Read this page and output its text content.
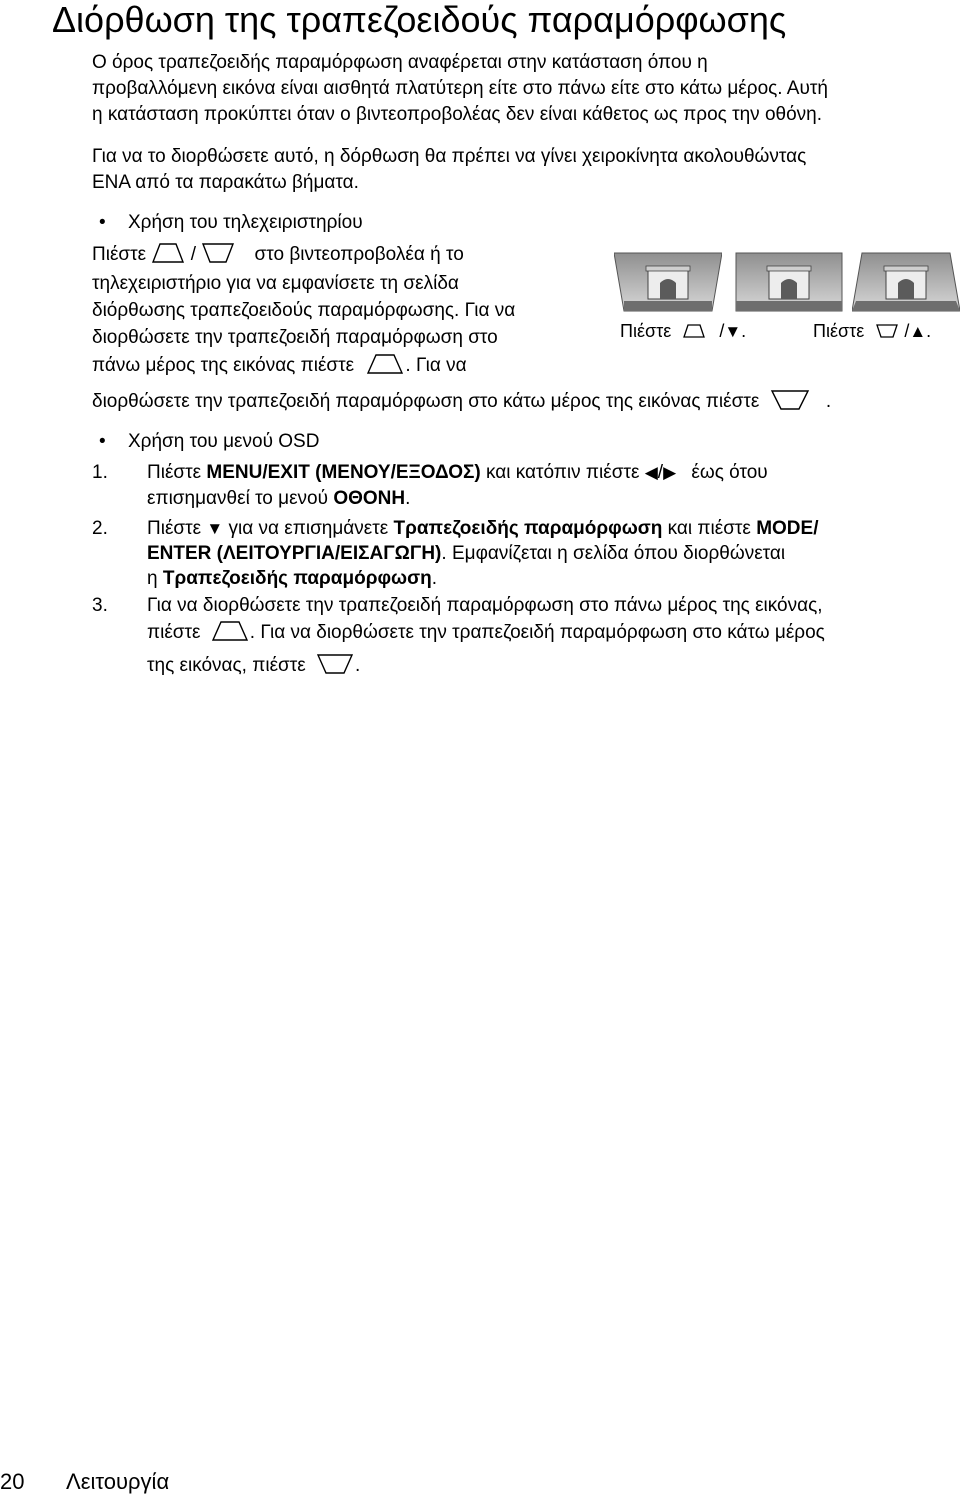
Διόρθωση της τραπεζοειδούς παραμόρφωσης
Ο όρος τραπεζοειδής παραμόρφωση αναφέρεται στην κατάσταση όπου η
προβαλλόμενη εικόνα είναι αισθητά πλατύτερη είτε στο πάνω είτε στο κάτω μέρος. Αυτή
η κατάσταση προκύπτει όταν ο βιντεοπροβολέας δεν είναι κάθετος ως προς την οθόνη.
Για να το διορθώσετε αυτό, η δόρθωση θα πρέπει να γίνει χειροκίνητα ακολουθώντας
ΕΝΑ από τα παρακάτω βήματα.
• Χρήση του τηλεχειριστηρίου
Πιέστε /	στο βιντεοπροβολέα ή το
τηλεχειριστήριο για να εμφανίσετε τη σελίδα
διόρθωσης τραπεζοειδούς παραμόρφωσης. Για να
διορθώσετε την τραπεζοειδή παραμόρφωση στο
πάνω μέρος της εικόνας πιέστε	. Για να
διορθώσετε την τραπεζοειδή παραμόρφωση στο κάτω μέρος της εικόνας πιέστε	.
Πιέστε	/▼.	Πιέστε /▲.
• Χρήση του μενού OSD
1. Πιέστε MENU/EXIT (ΜΕΝΟΥ/ΕΞΟΔΟΣ) και κατόπιν πιέστε ◀/▶ έως ότου
επισημανθεί το μενού ΟΘΟΝΗ.
2. Πιέστε ▼ για να επισημάνετε Τραπεζοειδής παραμόρφωση και πιέστε MODE/
ENTER (ΛΕΙΤΟΥΡΓΙΑ/ΕΙΣΑΓΩΓΗ). Εμφανίζεται η σελίδα όπου διορθώνεται
η Τραπεζοειδής παραμόρφωση.
3. Για να διορθώσετε την τραπεζοειδή παραμόρφωση στο πάνω μέρος της εικόνας,
πιέστε	. Για να διορθώσετε την τραπεζοειδή παραμόρφωση στο κάτω μέρος
της εικόνας, πιέστε	.
20 Λειτουργία
